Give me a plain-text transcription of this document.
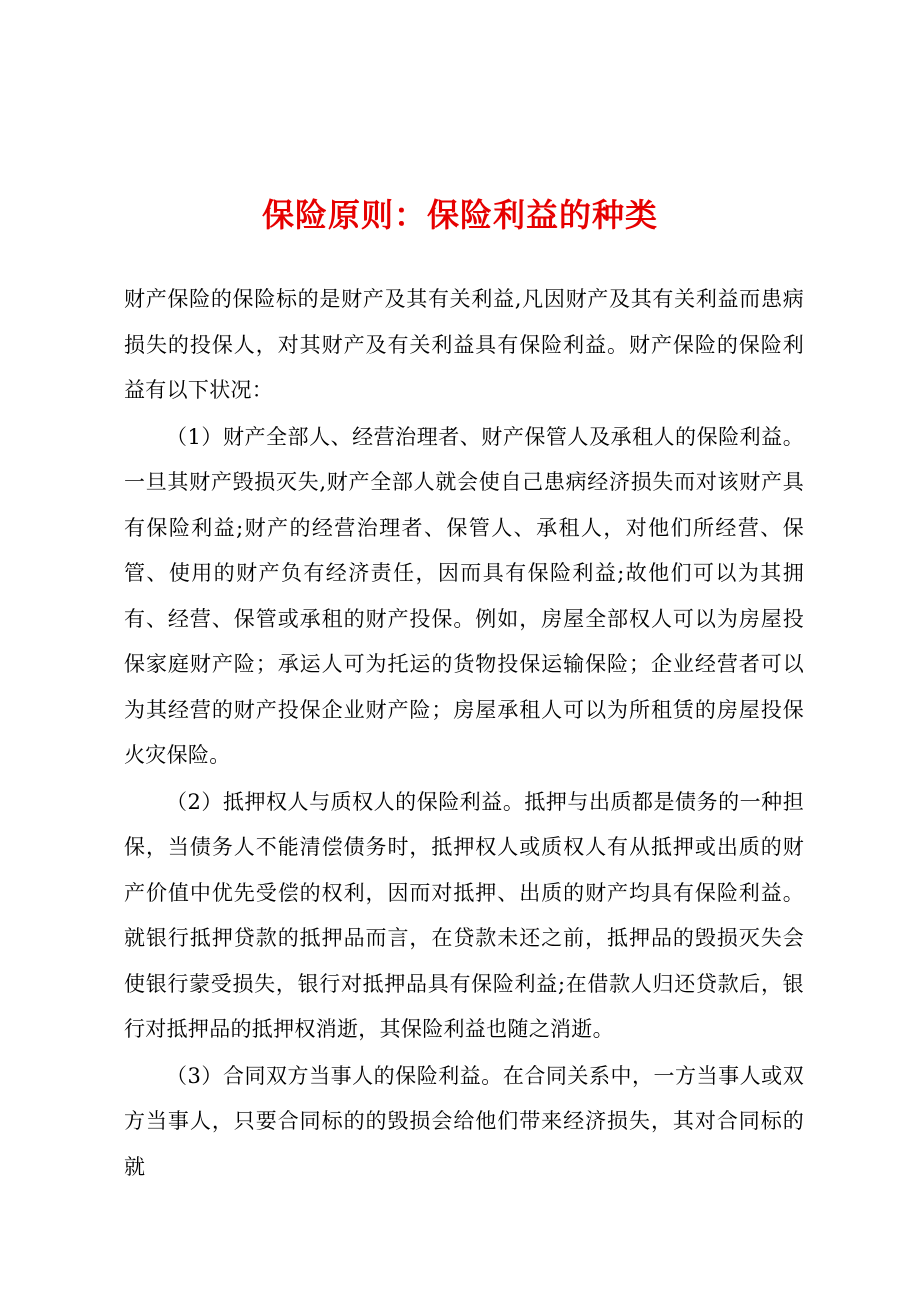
保险原则：保险利益的种类

财产保险的保险标的是财产及其有关利益,凡因财产及其有关利益而患病损失的投保人，对其财产及有关利益具有保险利益。财产保险的保险利益有以下状况：

（1）财产全部人、经营治理者、财产保管人及承租人的保险利益。一旦其财产毁损灭失,财产全部人就会使自己患病经济损失而对该财产具有保险利益;财产的经营治理者、保管人、承租人，对他们所经营、保管、使用的财产负有经济责任，因而具有保险利益;故他们可以为其拥有、经营、保管或承租的财产投保。例如，房屋全部权人可以为房屋投保家庭财产险；承运人可为托运的货物投保运输保险；企业经营者可以为其经营的财产投保企业财产险；房屋承租人可以为所租赁的房屋投保火灾保险。

（2）抵押权人与质权人的保险利益。抵押与出质都是债务的一种担保，当债务人不能清偿债务时，抵押权人或质权人有从抵押或出质的财产价值中优先受偿的权利，因而对抵押、出质的财产均具有保险利益。就银行抵押贷款的抵押品而言，在贷款未还之前，抵押品的毁损灭失会使银行蒙受损失，银行对抵押品具有保险利益;在借款人归还贷款后，银行对抵押品的抵押权消逝，其保险利益也随之消逝。

（3）合同双方当事人的保险利益。在合同关系中，一方当事人或双方当事人，只要合同标的的毁损会给他们带来经济损失，其对合同标的就
